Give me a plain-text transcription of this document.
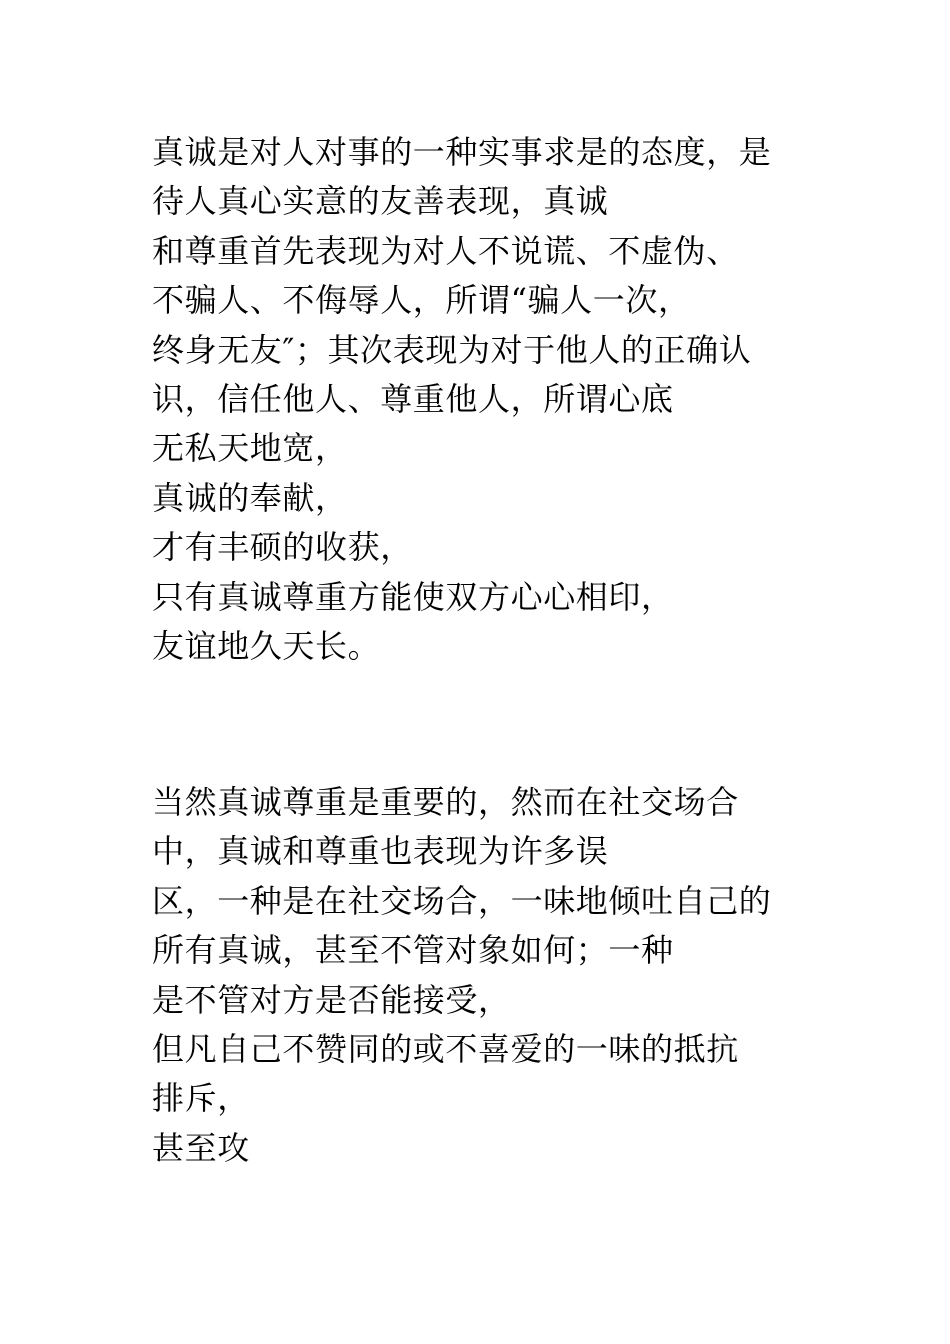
真诚是对人对事的一种实事求是的态度，是
待人真心实意的友善表现，真诚
和尊重首先表现为对人不说谎、不虚伪、
不骗人、不侮辱人，所谓“骗人一次，
终身无友″；其次表现为对于他人的正确认
识，信任他人、尊重他人，所谓心底
无私天地宽，
真诚的奉献，
才有丰硕的收获，
只有真诚尊重方能使双方心心相印，
友谊地久天长。
当然真诚尊重是重要的，然而在社交场合
中，真诚和尊重也表现为许多误
区，一种是在社交场合，一味地倾吐自己的
所有真诚，甚至不管对象如何；一种
是不管对方是否能接受，
但凡自己不赞同的或不喜爱的一味的抵抗
排斥，
甚至攻
